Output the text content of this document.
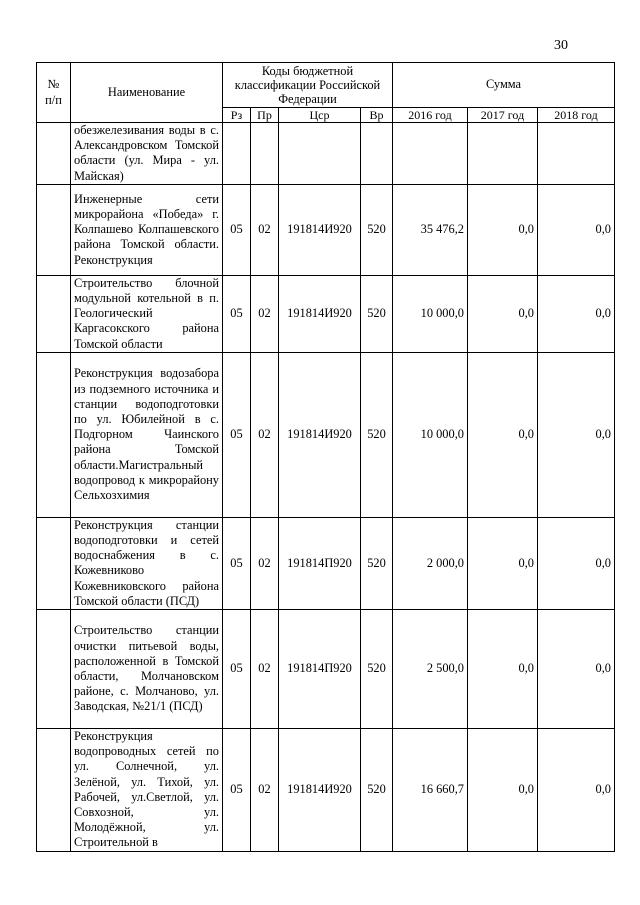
30
№
п/п	Наименование	Коды бюджетной классификации Российской Федерации				Сумма		
		Рз	Пр	Цср	Вр	2016 год	2017 год	2018 год
	обезжелезивания воды в с. Александровском Томской области (ул. Мира - ул. Майская)							
	Инженерные сети микрорайона «Победа» г. Колпашево Колпашевского района Томской области. Реконструкция	05	02	191814И920	520	35 476,2	0,0	0,0
	Строительство блочной модульной котельной в п. Геологический Каргасокского района Томской области	05	02	191814И920	520	10 000,0	0,0	0,0
	Реконструкция водозабора из подземного источника и станции водоподготовки по ул. Юбилейной в с. Подгорном Чаинского района Томской области.Магистральный водопровод к микрорайону Сельхозхимия	05	02	191814И920	520	10 000,0	0,0	0,0
	Реконструкция станции водоподготовки и сетей водоснабжения в с. Кожевниково Кожевниковского района Томской области (ПСД)	05	02	191814П920	520	2 000,0	0,0	0,0
	Строительство станции очистки питьевой воды, расположенной в Томской области, Молчановском районе, с. Молчаново, ул. Заводская, №21/1 (ПСД)	05	02	191814П920	520	2 500,0	0,0	0,0
	Реконструкция водопроводных сетей по ул. Солнечной, ул. Зелёной, ул. Тихой, ул. Рабочей, ул.Светлой, ул. Совхозной, ул. Молодёжной, ул. Строительной в	05	02	191814И920	520	16 660,7	0,0	0,0
